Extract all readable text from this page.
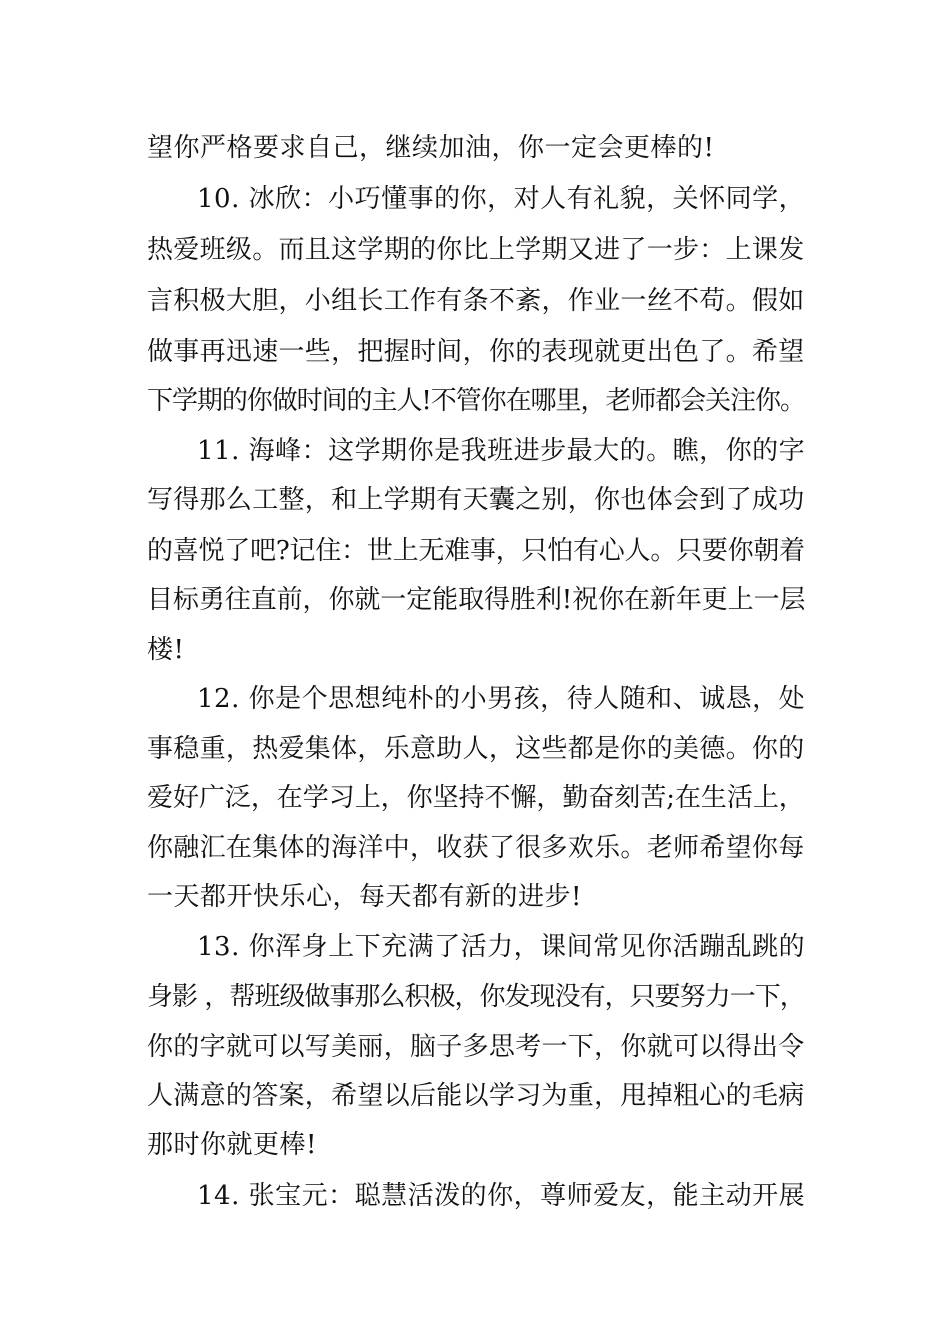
望你严格要求自己，继续加油，你一定会更棒的!
10. 冰欣：小巧懂事的你，对人有礼貌，关怀同学，
热爱班级。而且这学期的你比上学期又进了一步：上课发
言积极大胆，小组长工作有条不紊，作业一丝不苟。假如
做事再迅速一些，把握时间，你的表现就更出色了。希望
下学期的你做时间的主人!不管你在哪里，老师都会关注你。
11. 海峰：这学期你是我班进步最大的。瞧，你的字
写得那么工整，和上学期有天囊之别，你也体会到了成功
的喜悦了吧?记住：世上无难事，只怕有心人。只要你朝着
目标勇往直前，你就一定能取得胜利!祝你在新年更上一层
楼!
12. 你是个思想纯朴的小男孩，待人随和、诚恳，处
事稳重，热爱集体，乐意助人，这些都是你的美德。你的
爱好广泛，在学习上，你坚持不懈，勤奋刻苦;在生活上，
你融汇在集体的海洋中，收获了很多欢乐。老师希望你每
一天都开快乐心，每天都有新的进步!
13. 你浑身上下充满了活力，课间常见你活蹦乱跳的
身影 ，帮班级做事那么积极，你发现没有，只要努力一下，
你的字就可以写美丽，脑子多思考一下，你就可以得出令
人满意的答案，希望以后能以学习为重，甩掉粗心的毛病
那时你就更棒!
14. 张宝元：聪慧活泼的你，尊师爱友，能主动开展
